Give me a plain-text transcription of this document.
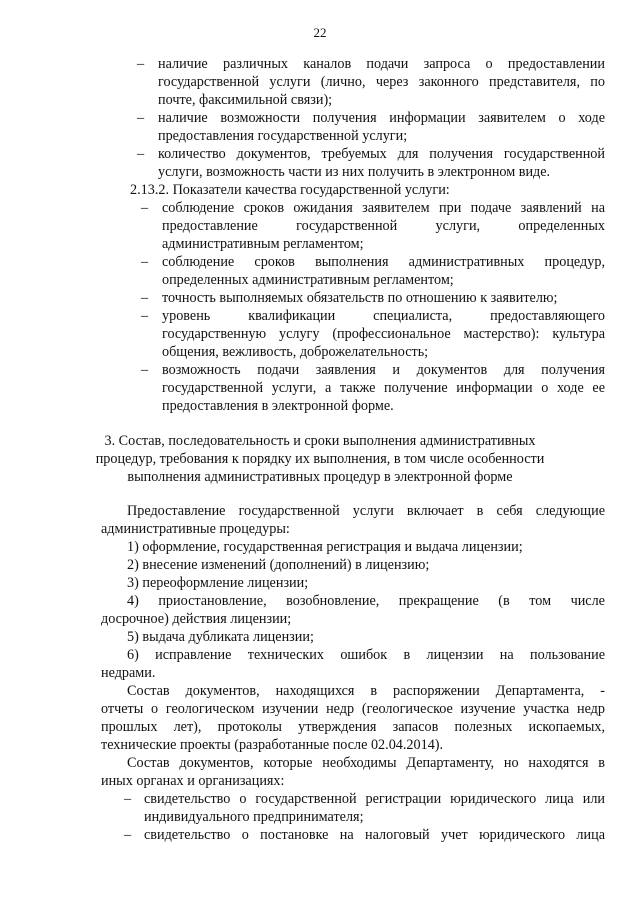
22
– наличие различных каналов подачи запроса о предоставлении
государственной услуги (лично, через законного представителя, по
почте, факсимильной связи);
– наличие возможности получения информации заявителем о ходе
предоставления государственной услуги;
– количество документов, требуемых для получения государственной
услуги, возможность части из них получить в электронном виде.
2.13.2. Показатели качества государственной услуги:
– соблюдение сроков ожидания заявителем при подаче заявлений на
предоставление государственной услуги, определенных
административным регламентом;
– соблюдение сроков выполнения административных процедур,
определенных административным регламентом;
– точность выполняемых обязательств по отношению к заявителю;
– уровень квалификации специалиста, предоставляющего
государственную услугу (профессиональное мастерство): культура
общения, вежливость, доброжелательность;
– возможность подачи заявления и документов для получения
государственной услуги, а также получение информации о ходе ее
предоставления в электронной форме.
3. Состав, последовательность и сроки выполнения административных
процедур, требования к порядку их выполнения, в том числе особенности
выполнения административных процедур в электронной форме
Предоставление государственной услуги включает в себя следующие
административные процедуры:
1) оформление, государственная регистрация и выдача лицензии;
2) внесение изменений (дополнений) в лицензию;
3) переоформление лицензии;
4) приостановление, возобновление, прекращение (в том числе
досрочное) действия лицензии;
5) выдача дубликата лицензии;
6) исправление технических ошибок в лицензии на пользование
недрами.
Состав документов, находящихся в распоряжении Департамента, -
отчеты о геологическом изучении недр (геологическое изучение участка недр
прошлых лет), протоколы утверждения запасов полезных ископаемых,
технические проекты (разработанные после 02.04.2014).
Состав документов, которые необходимы Департаменту, но находятся в
иных органах и организациях:
– свидетельство о государственной регистрации юридического лица или
индивидуального предпринимателя;
– свидетельство о постановке на налоговый учет юридического лица
